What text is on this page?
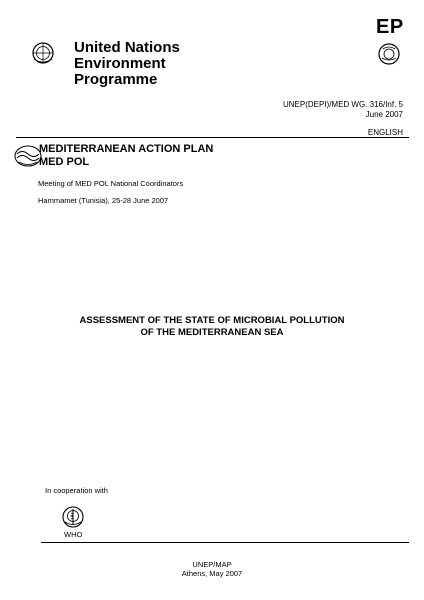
United Nations
Environment
Programme
EP
UNEP(DEPI)/MED WG. 316/Inf. 5
June 2007
ENGLISH
MEDITERRANEAN ACTION PLAN
MED POL
Meeting of MED POL National Coordinators
Hammamet (Tunisia), 25-28 June 2007
ASSESSMENT OF THE STATE OF MICROBIAL POLLUTION
OF THE MEDITERRANEAN SEA
In cooperation with
WHO
UNEP/MAP
Athens, May 2007
